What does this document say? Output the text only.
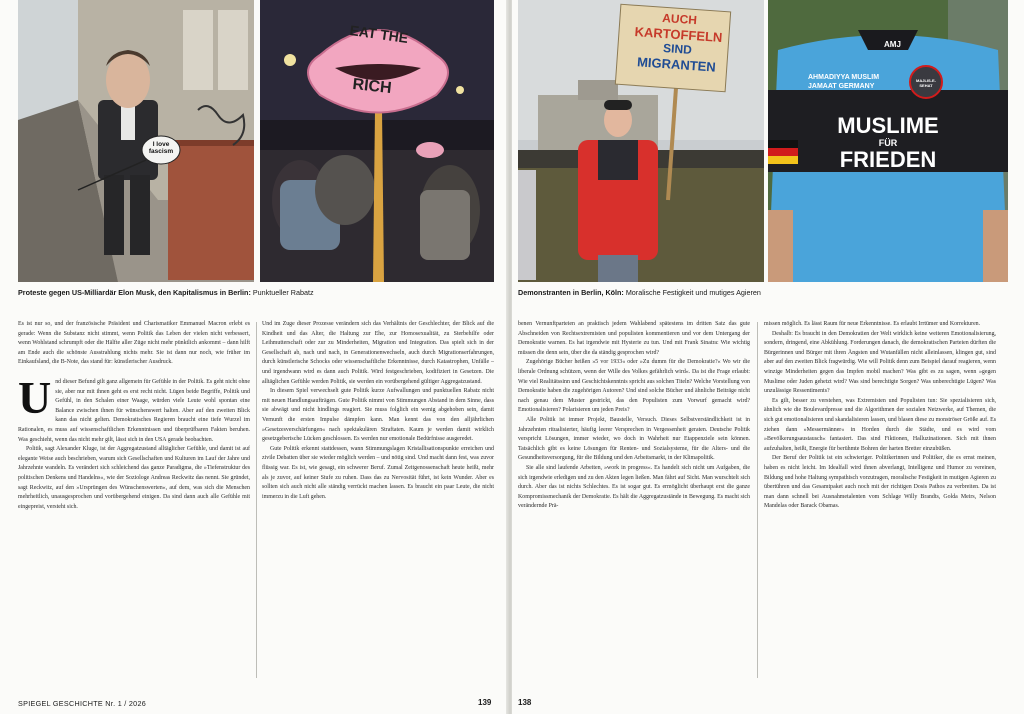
I love fascism
EAT THE
RICH
Proteste gegen US-Milliardär Elon Musk, den Kapitalismus in Berlin: Punktueller Rabatz

Es ist nur so, und der französische Präsident und Charismatiker Emmanuel Macron erlebt es gerade: Wenn die Substanz nicht stimmt, wenn Politik das Leben der vielen nicht verbessert, wenn Wohlstand schrumpft oder die Hälfte aller Züge nicht mehr pünktlich ankommt – dann hilft am Ende auch die schönste Ausstrahlung nichts mehr. Sie ist dann nur noch, wie früher im Einkaufsland, die B-Note, das stand für: künstlerischer Ausdruck.

Und dieser Befund gilt ganz allgemein für Gefühle in der Politik. Es geht nicht ohne sie, aber nur mit ihnen geht es erst recht nicht. Lügen beide Begriffe, Politik und Gefühl, in den Schalen einer Waage, würden viele Leute wohl spontan eine Balance zwischen ihnen für wünschenswert halten. Aber auf den zweiten Blick kann das nicht gelten. Demokratisches Regieren braucht eine tiefe Wurzel im Rationalen, es muss auf wissenschaftlichen Erkenntnissen und überprüfbaren Fakten beruhen. Was geschieht, wenn das nicht mehr gilt, lässt sich in den USA gerade beobachten.

Politik, sagt Alexander Kluge, ist der Aggregatzustand alltäglicher Gefühle, und damit ist auf elegante Weise auch beschrieben, warum sich Gesellschaften und Kulturen im Lauf der Jahre und Jahrzehnte wandeln. Es verändert sich schleichend das ganze Paradigma, die »Tiefenstruktur des politischen Denkens und Handelns«, wie der Soziologe Andreas Reckwitz das nennt. Sie gründet, sagt Reckwitz, auf den »Ursprüngen des Wünschenswerten«, auf dem, was sich die Menschen mehrheitlich, unausgesprochen und vorübergehend einigen. Da sind dann auch alle Gefühle mit eingepreist, versteht sich.

Und im Zuge dieser Prozesse verändern sich das Verhältnis der Geschlechter, der Blick auf die Kindheit und das Alter, die Haltung zur Ehe, zur Homosexualität, zu Sterbehilfe oder Leihmutterschaft oder zur zu Minderheiten, Migration und Integration. Das spielt sich in der Gesellschaft ab, nach und nach, in Generationenwechseln, auch durch Migrationserfahrungen, durch künstlerische Schocks oder wissenschaftliche Erkenntnisse, durch Katastrophen, Unfälle – und irgendwann wird es dann auch Politik. Wird festgeschrieben, kodifiziert in Gesetzen. Die alltäglichen Gefühle werden Politik, sie werden ein vorübergehend gültiger Aggregatzustand.

In diesem Spiel verwechselt gute Politik kurze Aufwallungen und punktuellen Rabatz nicht mit neuen Handlungsaufträgen. Gute Politik nimmt von Stimmungen Abstand in dem Sinne, dass sie abwägt und nicht hindlings reagiert. Sie muss folglich ein wenig abgehoben sein, damit Vernunft die ersten Impulse dämpfen kann. Man kennt das von den alljährlichen »Gesetzesverschärfungen« nach spektakulären Straftaten. Kaum je werden damit wirklich gesetzgeberische Lücken geschlossen. Es werden nur emotionale Bedürfnisse ausgeredet.

Gute Politik erkennt stattdessen, wann Stimmungslagen Kristallisationspunkte erreichen und zivile Debatten über sie wieder möglich werden – und nötig sind. Und macht dann fest, was zuvor flüssig war. Es ist, wie gesagt, ein schwerer Beruf. Zumal Zeitgenossenschaft heute heißt, mehr als je zuvor, auf keiner Stufe zu ruhen. Dass das zu Nervosität führt, ist kein Wunder. Aber es sollten sich auch nicht alle ständig verrückt machen lassen. Es braucht ein paar Leute, die nicht immerzu in die Luft gehen.

SPIEGEL GESCHICHTE Nr. 1 / 2026	139
AUCH
KARTOFFELN
SIND
MIGRANTEN
AMJ
AHMADIYYA MUSLIM
JAMAAT GERMANY
MAJLIS-E-SEHAT
MUSLIME
FÜR
FRIEDEN
Demonstranten in Berlin, Köln: Moralische Festigkeit und mutiges Agieren

benen Vernunftparteien an praktisch jedem Wahlabend spätestens im dritten Satz das gute Abschneiden von Rechtsextremisten und populisten kommentieren und vor dem Untergang der Demokratie warnen. Es hat irgendwie mit Hysterie zu tun. Und mit Frank Sinatra: Wie wichtig müssen die denn sein, über die da ständig gesprochen wird?

Zugehörige Bücher heißen »5 vor 1933« oder »Zu dumm für die Demokratie?« Wo wir die liberale Ordnung schützen, wenn der Wille des Volkes gefährlich wird«. Da ist die Frage erlaubt: Wie viel Realitätssinn und Geschichtskenntnis spricht aus solchen Titeln? Welche Vorstellung von Demokratie haben die zugehörigen Autoren? Und sind solche Bücher und ähnliche Beiträge nicht nach genau dem Muster gestrickt, das den Populisten zum Vorwurf gemacht wird? Emotionalisieren? Polarisieren um jeden Preis?

Alle Politik ist immer Projekt, Baustelle, Versuch. Dieses Selbstverständlichkeit ist in Jahrzehnten ritualisierter, häufig leerer Versprechen in Vergessenheit geraten. Deutsche Politik verspricht Lösungen, immer wieder, wo doch in Wahrheit nur Etappenziele sein können. Tatsächlich gibt es keine Lösungen für Renten- und Sozialsysteme, für die Alters- und die Gesundheitsversorgung, für die Bildung und den Arbeitsmarkt, in der Klimapolitik.

Sie alle sind laufende Arbeiten, »work in progress«. Es handelt sich nicht um Aufgaben, die sich irgendwie erledigen und zu den Akten legen ließen. Man fährt auf Sicht. Man wurschtelt sich durch. Aber das ist nichts Schlechtes. Es ist sogar gut. Es ermöglicht überhaupt erst die ganze Kompromissmechanik der Demokratie. Es hält die Aggregatzustände in Bewegung. Es macht sich verändernde Prä-

missen möglich. Es lässt Raum für neue Erkenntnisse. Es erlaubt Irrtümer und Korrekturen.

Deshalb: Es braucht in den Demokratien der Welt wirklich keine weiteren Emotionalisierung, sondern, dringend, eine Abkühlung. Forderungen danach, die demokratischen Parteien dürften die Bürgerinnen und Bürger mit ihren Ängsten und Wutanfällen nicht alleinlassen, klingen gut, sind aber auf den zweiten Blick fragwürdig. Wie will Politik denn zum Beispiel darauf reagieren, wenn winzige Minderheiten gegen das Impfen mobil machen? Was gibt es zu sagen, wenn »gegen Muslime oder Juden gehetzt wird? Was sind berechtigte Sorgen? Was unberechtigte Lügen? Was unzulässige Ressentiments?

Es gilt, besser zu verstehen, was Extremisten und Populisten tun: Sie spezialisieren sich, ähnlich wie die Boulevardpresse und die Algorithmen der sozialen Netzwerke, auf Themen, die sich gut emotionalisieren und skandalisieren lassen, und blasen diese zu monströser Größe auf. Es ziehen dann »Messermänner« in Horden durch die Städte, und es wird vom »Bevölkerungsaustausch« fantasiert. Das sind Fiktionen, Halluzinationen. Sich mit ihnen aufzuhalten, heißt, Energie für berühmte Bohren der harten Bretter einzubüßen.

Der Beruf der Politik ist ein schwieriger. Politikerinnen und Politiker, die es ernst meinen, haben es nicht leicht. Im Idealfall wird ihnen abverlangt, Intelligenz und Humor zu vereinen, Bildung und hohe Haltung sympathisch vorzutragen, moralische Festigkeit in mutigen Agieren zu übertühren und das Gesamtpaket auch noch mit der richtigen Dosis Pathos zu verbreiten. Da ist man dann schnell bei Ausnahmetalenten vom Schlage Willy Brandts, Golda Meirs, Nelson Mandelas oder Barack Obamas.

138
